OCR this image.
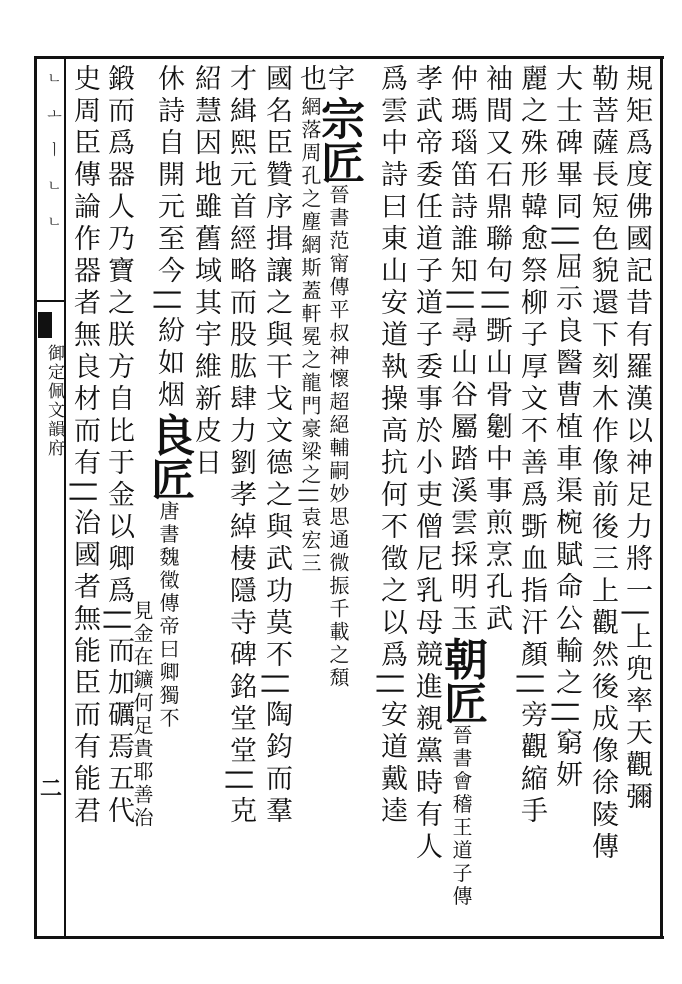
ㄴ ㅗ ㅣ ㄴ ㄴ
御定佩文韻府
二	規矩爲度佛國記昔有羅漢以神足力將一|上兜率天觀彌
勒菩薩長短色貌還下刻木作像前後三上觀然後成像徐陵傳
大士碑畢同||屈示良醫曹植車渠椀賦命公輸之||窮妍
麗之殊形韓愈祭柳子厚文不善爲斲血指汗顏||旁觀縮手
袖間又石鼎聯句||斲山骨劖中事煎烹孔武
仲瑪瑙笛詩誰知||尋山谷屬踏溪雲採明玉朝匠晉書會稽王道子傳
孝武帝委任道子道子委事於小吏僧尼乳母競進親黨時有人
爲雲中詩曰東山安道執操高抗何不徵之以爲||安道戴逵
字宗匠晉書范甯傳平叔神懷超絕輔嗣妙思通微振千載之頹
也網落周孔之塵網斯蓋軒冕之龍門豪梁之||袁宏三
國名臣贊序揖讓之與干戈文德之與武功莫不||陶鈞而羣
才緝熙元首經略而股肱肆力劉孝綽棲隱寺碑銘堂堂||克
紹慧因地雖舊域其宇維新皮日
休詩自開元至今||紛如烟良匠唐書魏徵傳帝曰卿獨不
見金在鑛何足貴耶善治
鍛而爲器人乃寶之朕方自比于金以卿爲||而加礪焉五代
史周臣傳論作器者無良材而有||治國者無能臣而有能君
